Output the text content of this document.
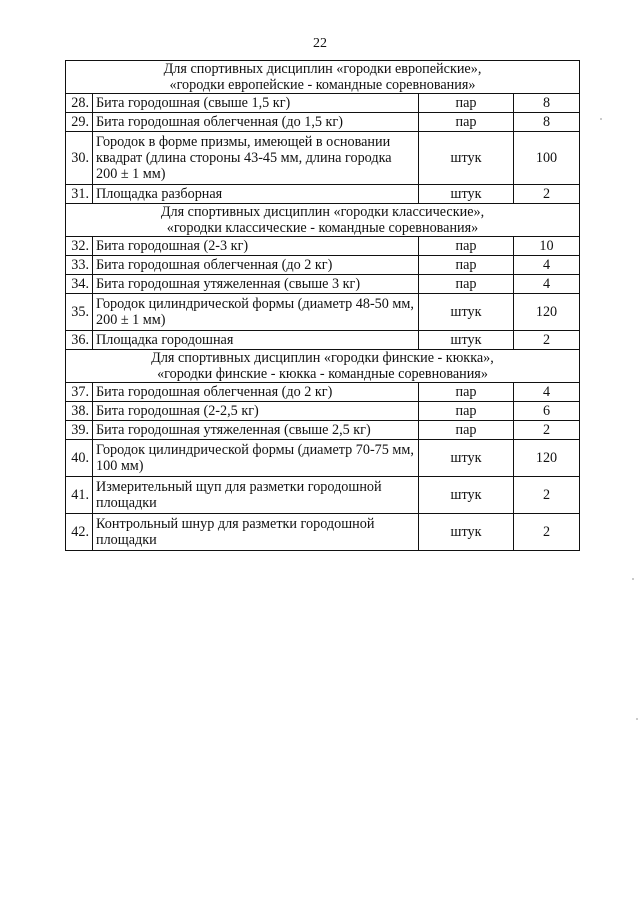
22
Для спортивных дисциплин «городки европейские»,
«городки европейские - командные соревнования»			

28.	Бита городошная (свыше 1,5 кг)	пар	8
29.	Бита городошная облегченная (до 1,5 кг)	пар	8
30.	Городок в форме призмы, имеющей в основании квадрат (длина стороны 43-45 мм, длина городка 200 ± 1 мм)	штук	100
31.	Площадка разборная	штук	2

Для спортивных дисциплин «городки классические»,
«городки классические - командные соревнования»			

32.	Бита городошная (2-3 кг)	пар	10
33.	Бита городошная облегченная (до 2 кг)	пар	4
34.	Бита городошная утяжеленная (свыше 3 кг)	пар	4
35.	Городок цилиндрической формы (диаметр 48-50 мм, 200 ± 1 мм)	штук	120
36.	Площадка городошная	штук	2

Для спортивных дисциплин «городки финские - кюкка»,
«городки финские - кюкка - командные соревнования»			

37.	Бита городошная облегченная (до 2 кг)	пар	4
38.	Бита городошная (2-2,5 кг)	пар	6
39.	Бита городошная утяжеленная (свыше 2,5 кг)	пар	2
40.	Городок цилиндрической формы (диаметр 70-75 мм, 100 мм)	штук	120
41.	Измерительный щуп для разметки городошной площадки	штук	2
42.	Контрольный шнур для разметки городошной площадки	штук	2
